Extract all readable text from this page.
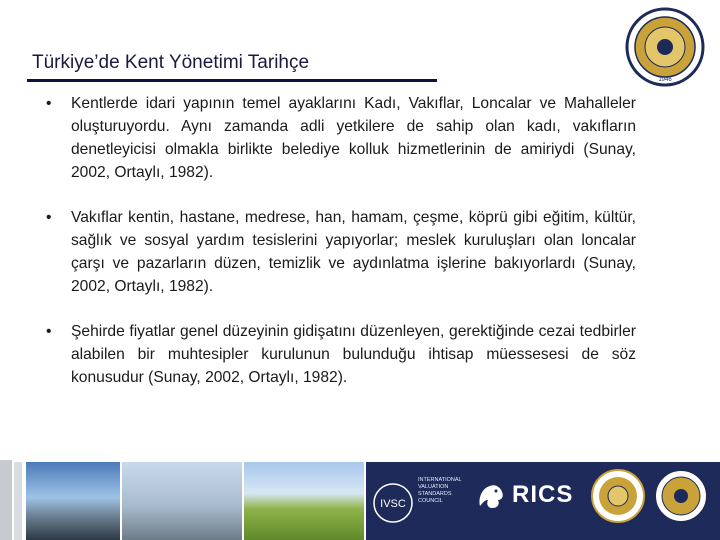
Türkiye’de Kent Yönetimi Tarihçe
1946
• Kentlerde idari yapının temel ayaklarını Kadı, Vakıflar, Loncalar ve Mahalleler oluşturuyordu. Aynı zamanda adli yetkilere de sahip olan kadı, vakıfların denetleyicisi olmakla birlikte belediye kolluk hizmetlerinin de amiriydi (Sunay, 2002, Ortaylı, 1982).
• Vakıflar kentin, hastane, medrese, han, hamam, çeşme, köprü gibi eğitim, kültür, sağlık ve sosyal yardım tesislerini yapıyorlar; meslek kuruluşları olan loncalar çarşı ve pazarların düzen, temizlik ve aydınlatma işlerine bakıyorlardı (Sunay, 2002, Ortaylı, 1982).
• Şehirde fiyatlar genel düzeyinin gidişatını düzenleyen, gerektiğinde cezai tedbirler alabilen bir muhtesipler kurulunun bulunduğu ihtisap müessesesi de söz konusudur (Sunay, 2002, Ortaylı, 1982).
IVSC
INTERNATIONAL VALUATION STANDARDS COUNCIL	RICS
